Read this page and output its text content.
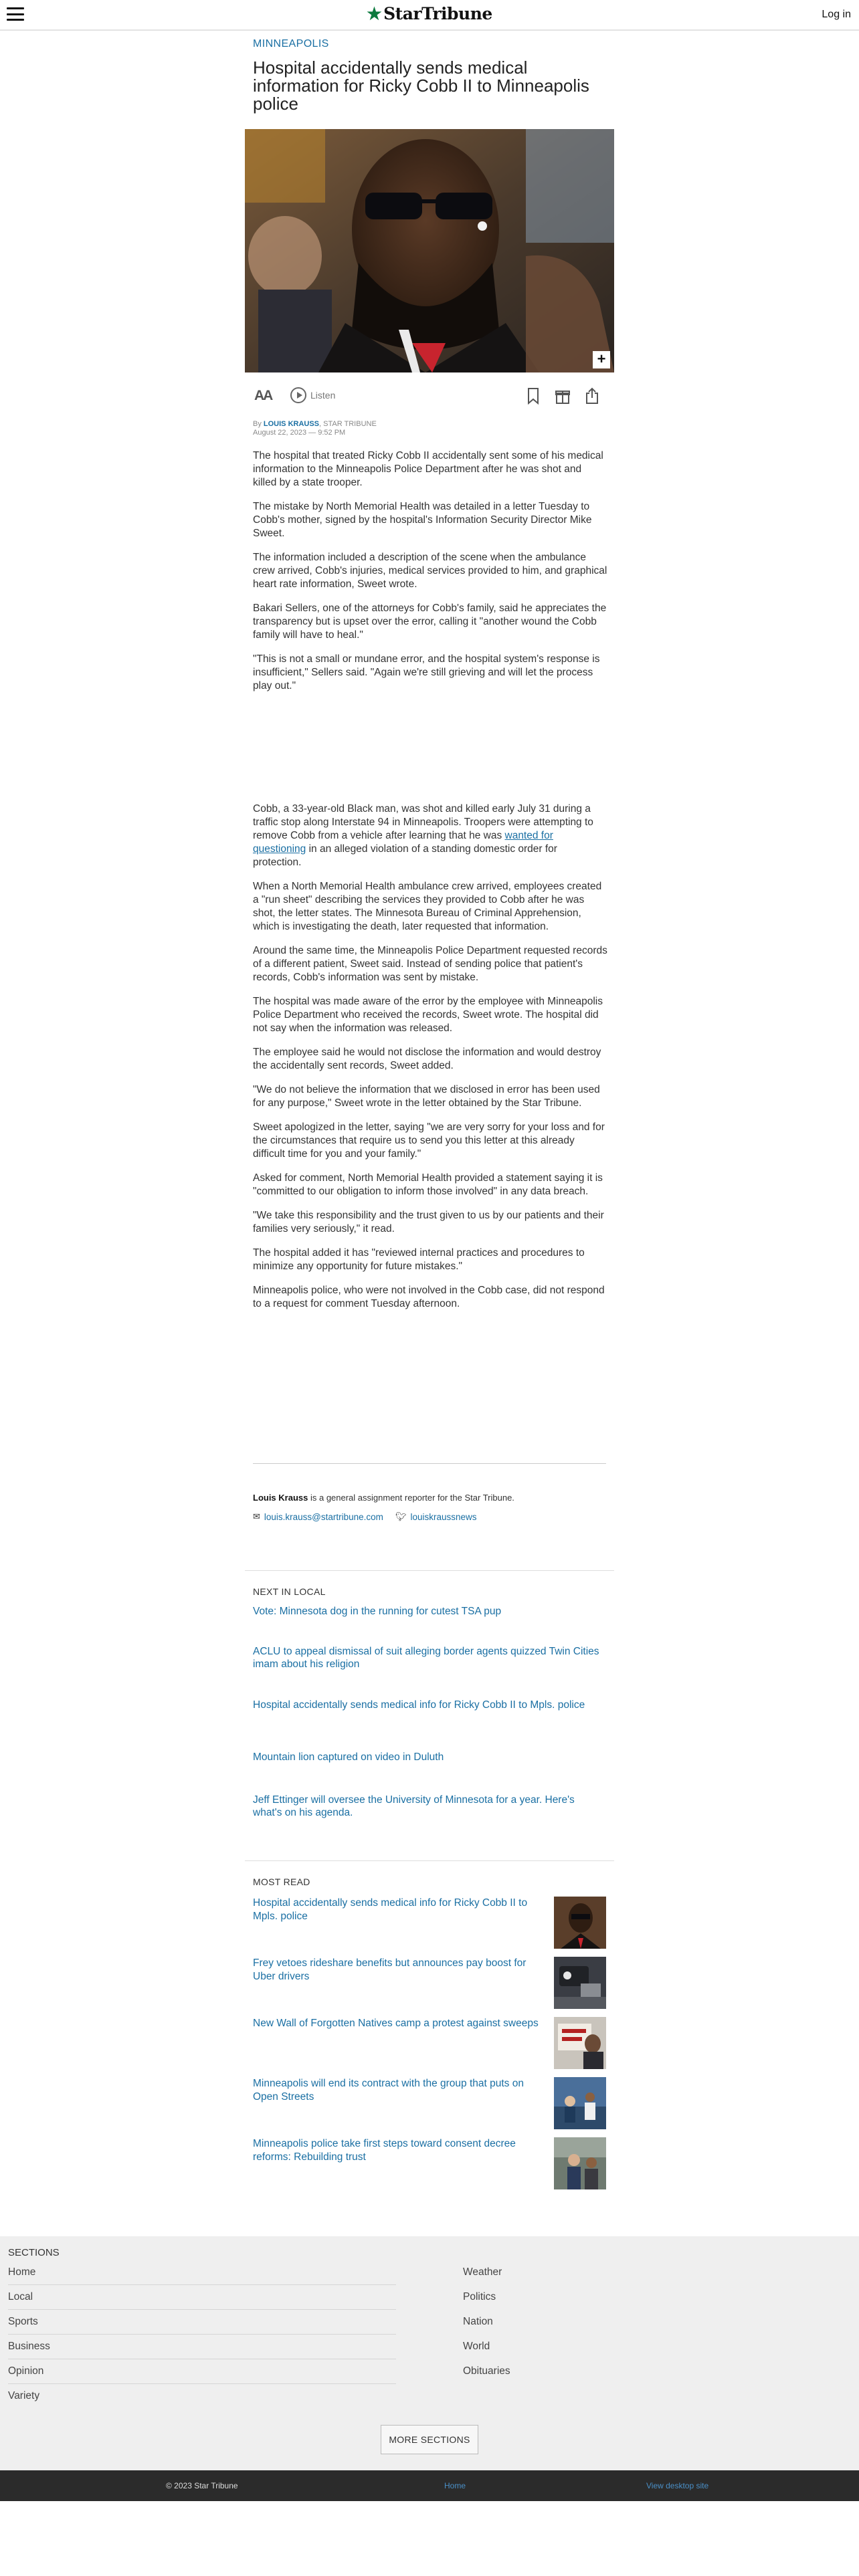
★ StarTribune	Log in
MINNEAPOLIS
Hospital accidentally sends medical information for Ricky Cobb II to Minneapolis police
+
AA	Listen
By LOUIS KRAUSS, STAR TRIBUNE
August 22, 2023 — 9:52 PM

The hospital that treated Ricky Cobb II accidentally sent some of his medical information to the Minneapolis Police Department after he was shot and killed by a state trooper.

The mistake by North Memorial Health was detailed in a letter Tuesday to Cobb's mother, signed by the hospital's Information Security Director Mike Sweet.

The information included a description of the scene when the ambulance crew arrived, Cobb's injuries, medical services provided to him, and graphical heart rate information, Sweet wrote.

Bakari Sellers, one of the attorneys for Cobb's family, said he appreciates the transparency but is upset over the error, calling it "another wound the Cobb family will have to heal."

"This is not a small or mundane error, and the hospital system's response is insufficient," Sellers said. "Again we're still grieving and will let the process play out."

Cobb, a 33-year-old Black man, was shot and killed early July 31 during a traffic stop along Interstate 94 in Minneapolis. Troopers were attempting to remove Cobb from a vehicle after learning that he was wanted for questioning in an alleged violation of a standing domestic order for protection.

When a North Memorial Health ambulance crew arrived, employees created a "run sheet" describing the services they provided to Cobb after he was shot, the letter states. The Minnesota Bureau of Criminal Apprehension, which is investigating the death, later requested that information.

Around the same time, the Minneapolis Police Department requested records of a different patient, Sweet said. Instead of sending police that patient's records, Cobb's information was sent by mistake.

The hospital was made aware of the error by the employee with Minneapolis Police Department who received the records, Sweet wrote. The hospital did not say when the information was released.

The employee said he would not disclose the information and would destroy the accidentally sent records, Sweet added.

"We do not believe the information that we disclosed in error has been used for any purpose," Sweet wrote in the letter obtained by the Star Tribune.

Sweet apologized in the letter, saying "we are very sorry for your loss and for the circumstances that require us to send you this letter at this already difficult time for you and your family."

Asked for comment, North Memorial Health provided a statement saying it is "committed to our obligation to inform those involved" in any data breach.

"We take this responsibility and the trust given to us by our patients and their families very seriously," it read.

The hospital added it has "reviewed internal practices and procedures to minimize any opportunity for future mistakes."

Minneapolis police, who were not involved in the Cobb case, did not respond to a request for comment Tuesday afternoon.

Louis Krauss is a general assignment reporter for the Star Tribune.
✉ louis.krauss@startribune.com 🐦︎ louiskraussnews
NEXT IN LOCAL
Vote: Minnesota dog in the running for cutest TSA pup
ACLU to appeal dismissal of suit alleging border agents quizzed Twin Cities imam about his religion
Hospital accidentally sends medical info for Ricky Cobb II to Mpls. police
Mountain lion captured on video in Duluth
Jeff Ettinger will oversee the University of Minnesota for a year. Here's what's on his agenda.
MOST READ
Hospital accidentally sends medical info for Ricky Cobb II to Mpls. police
Frey vetoes rideshare benefits but announces pay boost for Uber drivers
New Wall of Forgotten Natives camp a protest against sweeps
Minneapolis will end its contract with the group that puts on Open Streets
Minneapolis police take first steps toward consent decree reforms: Rebuilding trust
SECTIONS
Home
Local
Sports
Business
Opinion
Variety
Weather
Politics
Nation
World
Obituaries
MORE SECTIONS
© 2023 Star Tribune	Home	View desktop site
